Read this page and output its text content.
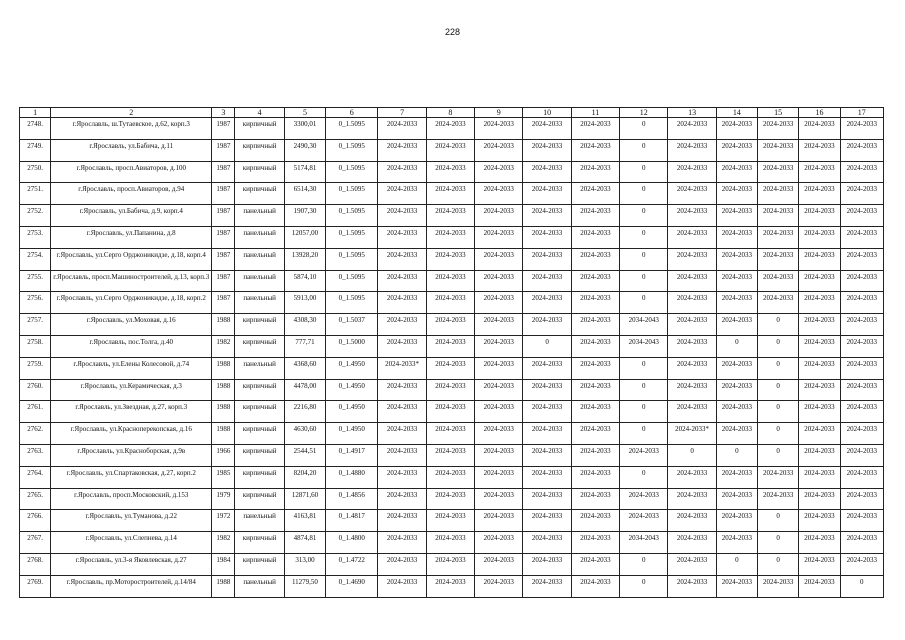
228
1	2	3	4	5	6	7	8	9	10	11	12	13	14	15	16	17
2748.	г.Ярославль, ш.Тутаевское, д.62, корп.3	1987	кирпичный	3300,01	0_1.5095	2024-2033	2024-2033	2024-2033	2024-2033	2024-2033	0	2024-2033	2024-2033	2024-2033	2024-2033	2024-2033
2749.	г.Ярославль, ул.Бабича, д.11	1987	кирпичный	2490,30	0_1.5095	2024-2033	2024-2033	2024-2033	2024-2033	2024-2033	0	2024-2033	2024-2033	2024-2033	2024-2033	2024-2033
2750.	г.Ярославль, просп.Авиаторов, д.100	1987	кирпичный	5174,81	0_1.5095	2024-2033	2024-2033	2024-2033	2024-2033	2024-2033	0	2024-2033	2024-2033	2024-2033	2024-2033	2024-2033
2751.	г.Ярославль, просп.Авиаторов, д.94	1987	кирпичный	6514,30	0_1.5095	2024-2033	2024-2033	2024-2033	2024-2033	2024-2033	0	2024-2033	2024-2033	2024-2033	2024-2033	2024-2033
2752.	г.Ярославль, ул.Бабича, д.9, корп.4	1987	панельный	1907,30	0_1.5095	2024-2033	2024-2033	2024-2033	2024-2033	2024-2033	0	2024-2033	2024-2033	2024-2033	2024-2033	2024-2033
2753.	г.Ярославль, ул.Папанина, д.8	1987	панельный	12057,00	0_1.5095	2024-2033	2024-2033	2024-2033	2024-2033	2024-2033	0	2024-2033	2024-2033	2024-2033	2024-2033	2024-2033
2754.	г.Ярославль, ул.Серго Орджоникидзе, д.18, корп.4	1987	панельный	13928,20	0_1.5095	2024-2033	2024-2033	2024-2033	2024-2033	2024-2033	0	2024-2033	2024-2033	2024-2033	2024-2033	2024-2033
2755.	г.Ярославль, просп.Машиностроителей, д.13, корп.3	1987	панельный	5874,10	0_1.5095	2024-2033	2024-2033	2024-2033	2024-2033	2024-2033	0	2024-2033	2024-2033	2024-2033	2024-2033	2024-2033
2756.	г.Ярославль, ул.Серго Орджоникидзе, д.18, корп.2	1987	панельный	5913,00	0_1.5095	2024-2033	2024-2033	2024-2033	2024-2033	2024-2033	0	2024-2033	2024-2033	2024-2033	2024-2033	2024-2033
2757.	г.Ярославль, ул.Моховая, д.16	1988	кирпичный	4308,30	0_1.5037	2024-2033	2024-2033	2024-2033	2024-2033	2024-2033	2034-2043	2024-2033	2024-2033	0	2024-2033	2024-2033
2758.	г.Ярославль, пос.Толга, д.40	1982	кирпичный	777,71	0_1.5000	2024-2033	2024-2033	2024-2033	0	2024-2033	2034-2043	2024-2033	0	0	2024-2033	2024-2033
2759.	г.Ярославль, ул.Елены Колесовой, д.74	1988	панельный	4368,60	0_1.4950	2024-2033*	2024-2033	2024-2033	2024-2033	2024-2033	0	2024-2033	2024-2033	0	2024-2033	2024-2033
2760.	г.Ярославль, ул.Керамическая, д.3	1988	кирпичный	4478,00	0_1.4950	2024-2033	2024-2033	2024-2033	2024-2033	2024-2033	0	2024-2033	2024-2033	0	2024-2033	2024-2033
2761.	г.Ярославль, ул.Звездная, д.27, корп.3	1988	кирпичный	2216,80	0_1.4950	2024-2033	2024-2033	2024-2033	2024-2033	2024-2033	0	2024-2033	2024-2033	0	2024-2033	2024-2033
2762.	г.Ярославль, ул.Красноперекопская, д.16	1988	кирпичный	4630,60	0_1.4950	2024-2033	2024-2033	2024-2033	2024-2033	2024-2033	0	2024-2033*	2024-2033	0	2024-2033	2024-2033
2763.	г.Ярославль, ул.Красноборская, д.9в	1966	кирпичный	2544,51	0_1.4917	2024-2033	2024-2033	2024-2033	2024-2033	2024-2033	2024-2033	0	0	0	2024-2033	2024-2033
2764.	г.Ярославль, ул.Спартаковская, д.27, корп.2	1985	кирпичный	8204,20	0_1.4880	2024-2033	2024-2033	2024-2033	2024-2033	2024-2033	0	2024-2033	2024-2033	2024-2033	2024-2033	2024-2033
2765.	г.Ярославль, просп.Московский, д.153	1979	кирпичный	12871,60	0_1.4856	2024-2033	2024-2033	2024-2033	2024-2033	2024-2033	2024-2033	2024-2033	2024-2033	2024-2033	2024-2033	2024-2033
2766.	г.Ярославль, ул.Туманова, д.22	1972	панельный	4163,81	0_1.4817	2024-2033	2024-2033	2024-2033	2024-2033	2024-2033	2024-2033	2024-2033	2024-2033	0	2024-2033	2024-2033
2767.	г.Ярославль, ул.Слепнева, д.14	1982	кирпичный	4874,81	0_1.4800	2024-2033	2024-2033	2024-2033	2024-2033	2024-2033	2034-2043	2024-2033	2024-2033	0	2024-2033	2024-2033
2768.	г.Ярославль, ул.3-я Яковлевская, д.27	1984	кирпичный	313,00	0_1.4722	2024-2033	2024-2033	2024-2033	2024-2033	2024-2033	0	2024-2033	0	0	2024-2033	2024-2033
2769.	г.Ярославль, пр.Моторостроителей, д.14/84	1988	панельный	11279,50	0_1.4690	2024-2033	2024-2033	2024-2033	2024-2033	2024-2033	0	2024-2033	2024-2033	2024-2033	2024-2033	0
